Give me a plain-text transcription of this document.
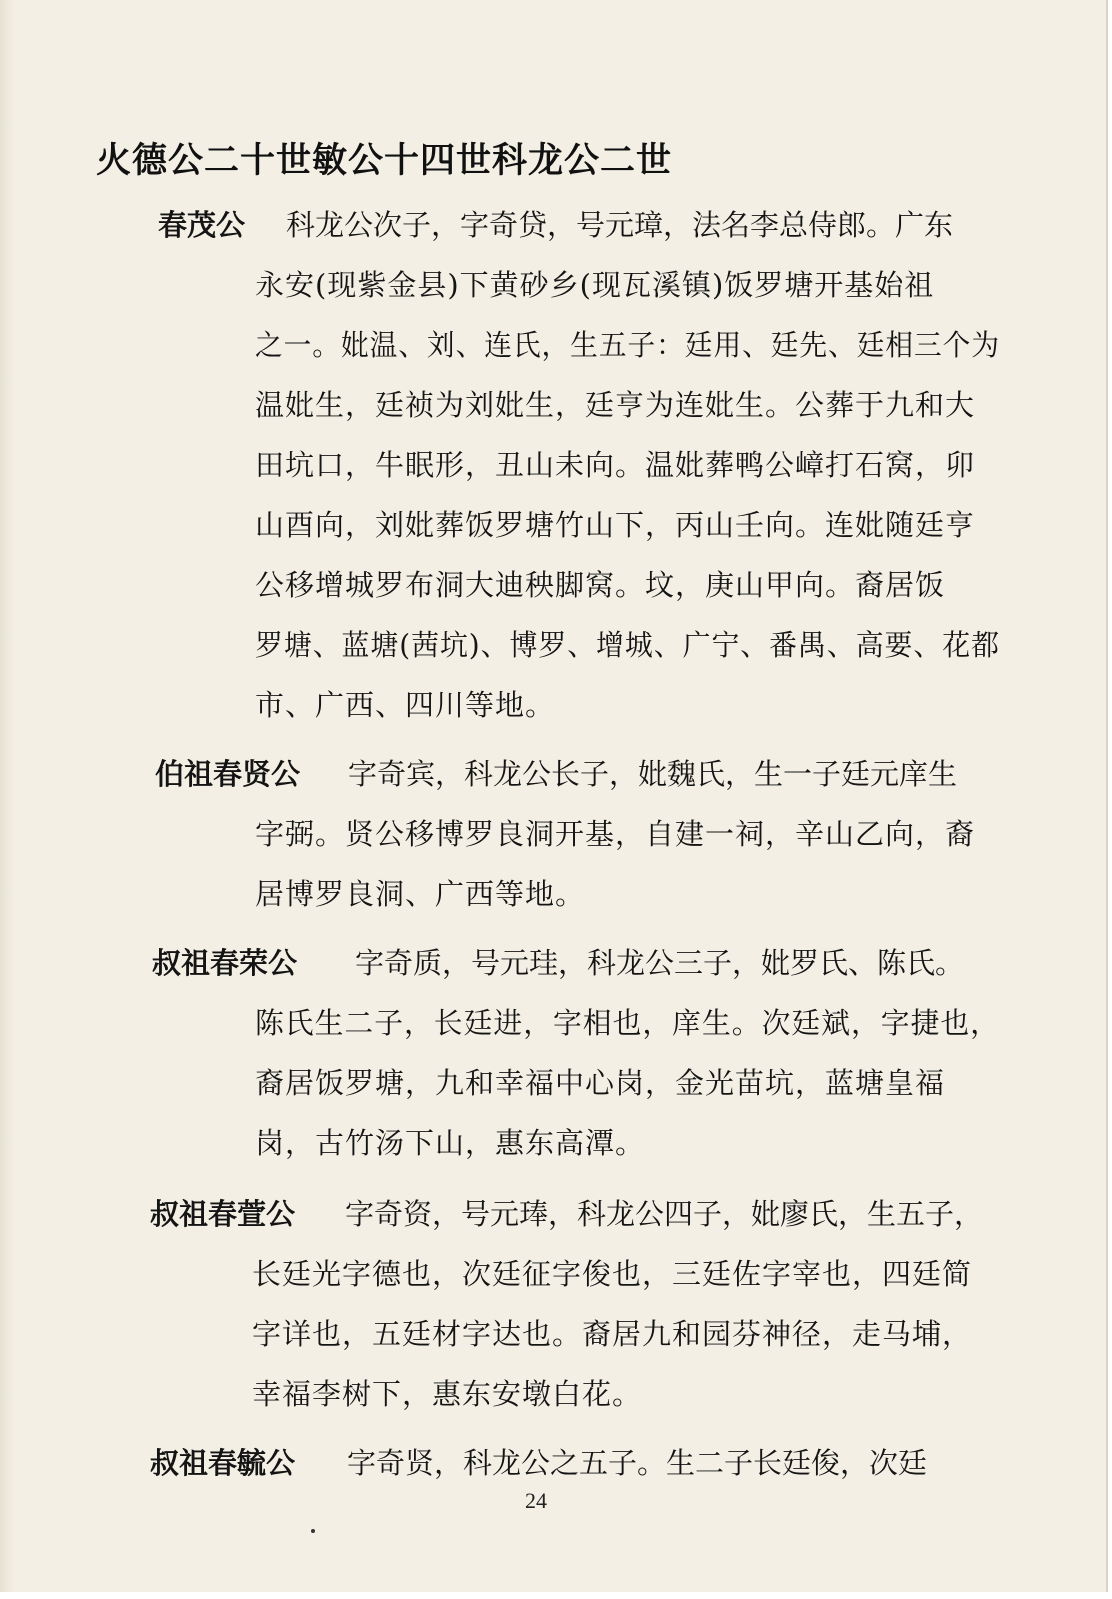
火德公二十世敏公十四世科龙公二世
春茂公 科龙公次子，字奇贷，号元璋，法名李总侍郎。广东
永安(现紫金县)下黄砂乡(现瓦溪镇)饭罗塘开基始祖
之一。妣温、刘、连氏，生五子：廷用、廷先、廷相三个为
温妣生，廷祯为刘妣生，廷亨为连妣生。公葬于九和大
田坑口，牛眠形，丑山未向。温妣葬鸭公嶂打石窝，卯
山酉向，刘妣葬饭罗塘竹山下，丙山壬向。连妣随廷亨
公移增城罗布洞大迪秧脚窝。坟，庚山甲向。裔居饭
罗塘、蓝塘(茜坑)、博罗、增城、广宁、番禺、高要、花都
市、广西、四川等地。
伯祖春贤公 字奇宾，科龙公长子，妣魏氏，生一子廷元庠生
字弼。贤公移博罗良洞开基，自建一祠，辛山乙向，裔
居博罗良洞、广西等地。
叔祖春荣公 字奇质，号元珪，科龙公三子，妣罗氏、陈氏。
陈氏生二子，长廷进，字相也，庠生。次廷斌，字捷也，
裔居饭罗塘，九和幸福中心岗，金光苗坑，蓝塘皇福
岗，古竹汤下山，惠东高潭。
叔祖春萱公 字奇资，号元琫，科龙公四子，妣廖氏，生五子，
长廷光字德也，次廷征字俊也，三廷佐字宰也，四廷简
字详也，五廷材字达也。裔居九和园芬神径，走马埔，
幸福李树下，惠东安墩白花。
叔祖春毓公 字奇贤，科龙公之五子。生二子长廷俊，次廷
24
